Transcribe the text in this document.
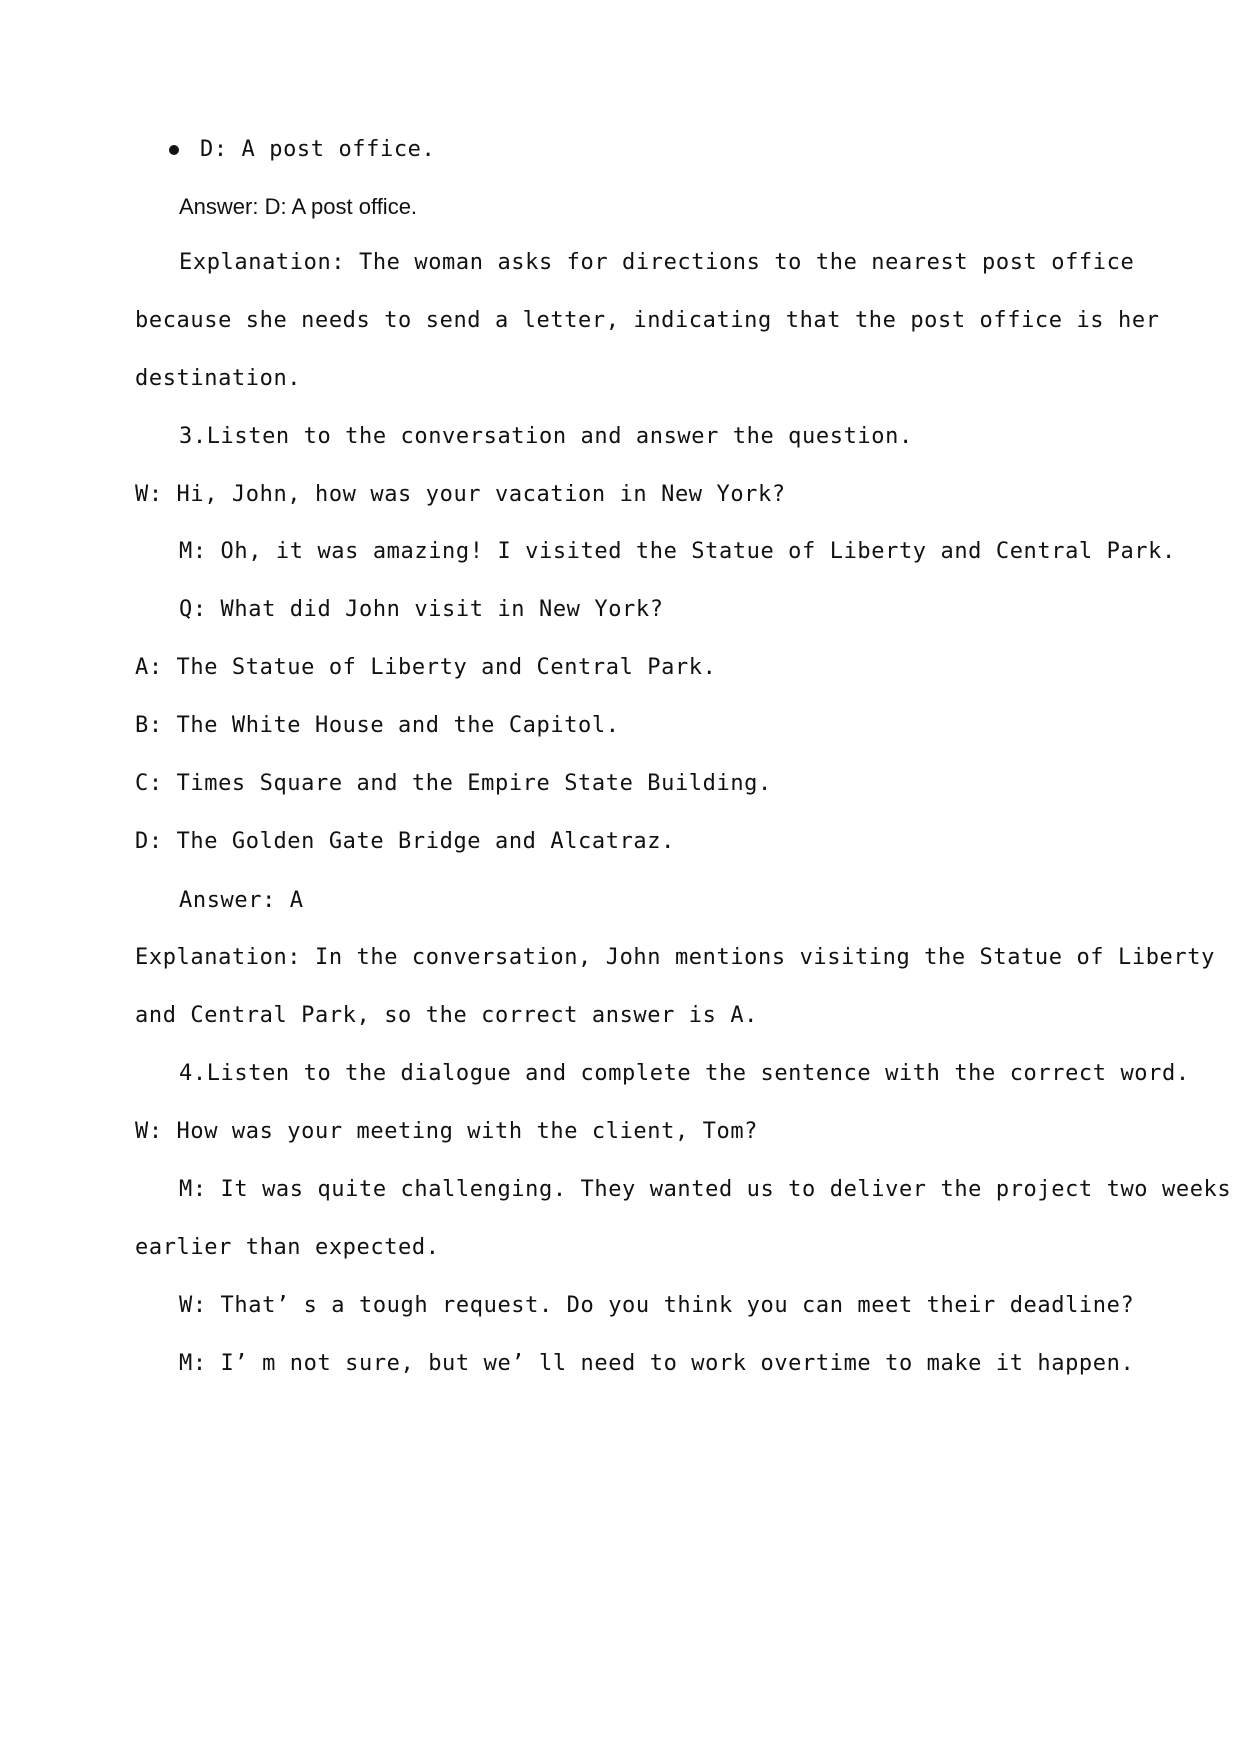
D: A post office.
Answer: D: A post office.
Explanation: The woman asks for directions to the nearest post office
because she needs to send a letter, indicating that the post office is her
destination.
3.Listen to the conversation and answer the question.
W: Hi, John, how was your vacation in New York?
M: Oh, it was amazing! I visited the Statue of Liberty and Central Park.
Q: What did John visit in New York?
A: The Statue of Liberty and Central Park.
B: The White House and the Capitol.
C: Times Square and the Empire State Building.
D: The Golden Gate Bridge and Alcatraz.
Answer: A
Explanation: In the conversation, John mentions visiting the Statue of Liberty
and Central Park, so the correct answer is A.
4.Listen to the dialogue and complete the sentence with the correct word.
W: How was your meeting with the client, Tom?
M: It was quite challenging. They wanted us to deliver the project two weeks
earlier than expected.
W: That’ s a tough request. Do you think you can meet their deadline?
M: I’ m not sure, but we’ ll need to work overtime to make it happen.
